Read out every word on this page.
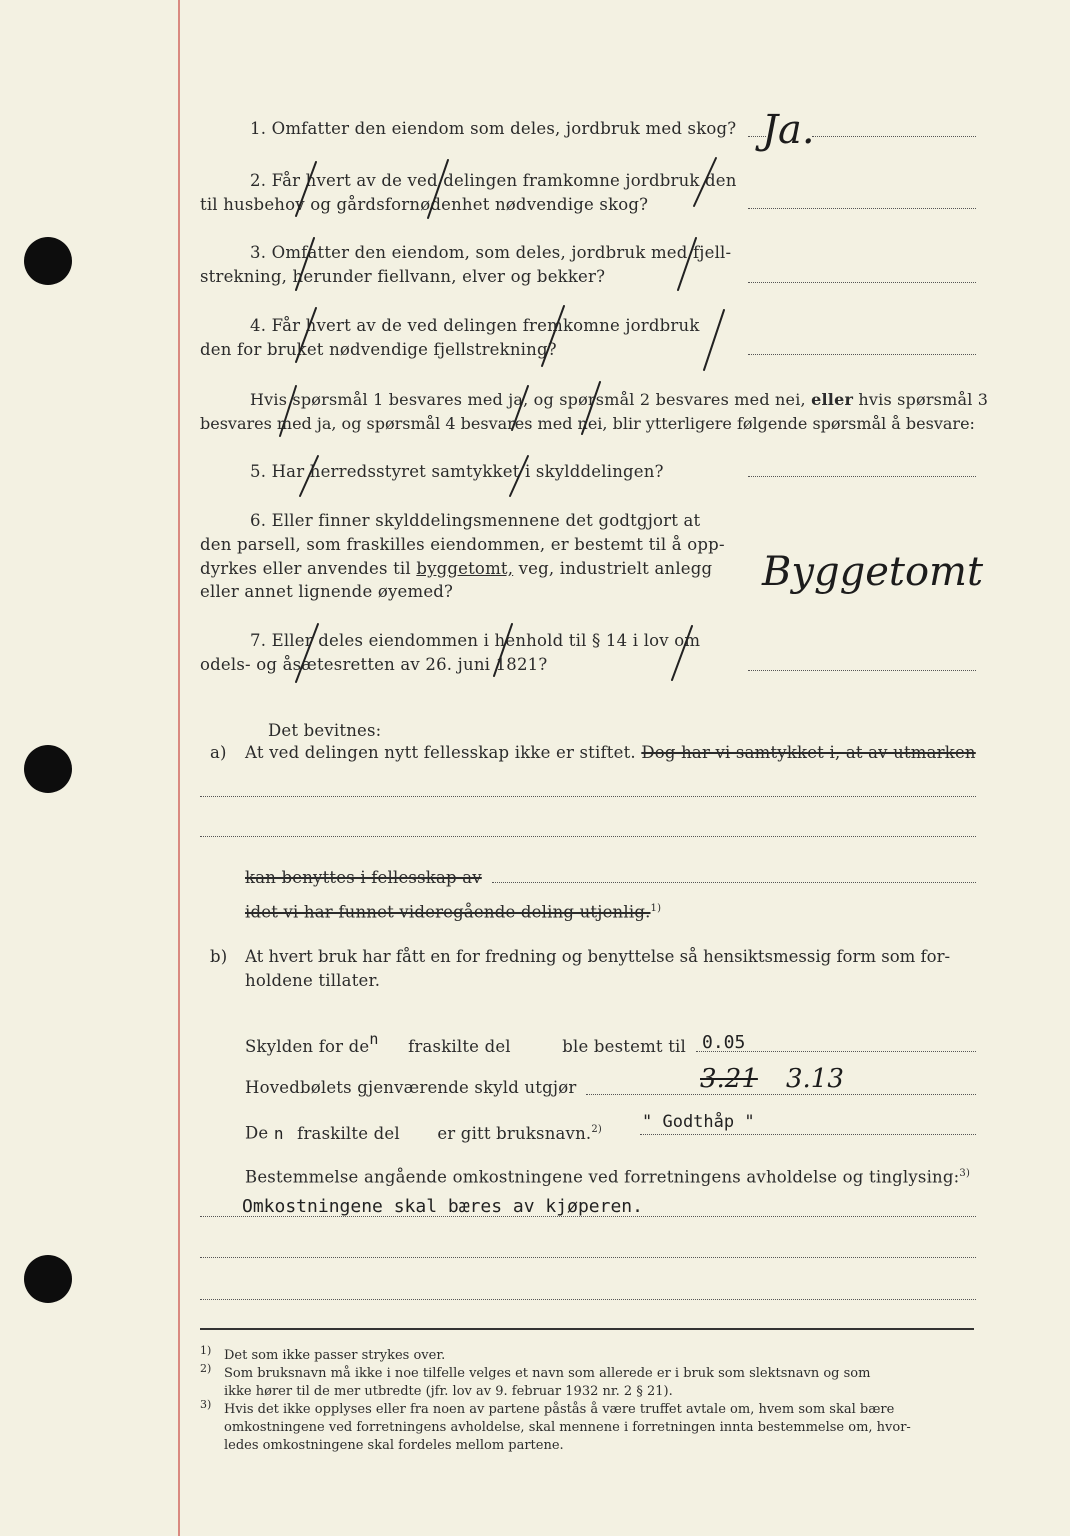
1. Omfatter den eiendom som deles, jordbruk med skog? Ja.
2. Får hvert av de ved delingen framkomne jordbruk den
til husbehov og gårdsfornødenhet nødvendige skog?
3. Omfatter den eiendom, som deles, jordbruk med fjell-
strekning, herunder fiellvann, elver og bekker?
4. Får hvert av de ved delingen fremkomne jordbruk
den for bruket nødvendige fjellstrekning?
Hvis spørsmål 1 besvares med ja, og spørsmål 2 besvares med nei, eller hvis spørsmål 3
besvares med ja, og spørsmål 4 besvares med nei, blir ytterligere følgende spørsmål å besvare:
5. Har herredsstyret samtykket i skylddelingen?
6. Eller finner skylddelingsmennene det godtgjort at
den parsell, som fraskilles eiendommen, er bestemt til å opp-
dyrkes eller anvendes til byggetomt, veg, industrielt anlegg
eller annet lignende øyemed?	Byggetomt
7. Eller deles eiendommen i henhold til § 14 i lov om
odels- og åsætesretten av 26. juni 1821?
Det bevitnes:
a) At ved delingen nytt fellesskap ikke er stiftet. Dog har vi samtykket i, at av utmarken
kan benyttes i fellesskap av
idet vi har funnet videregående deling utjenlig.$^{1)}$
b) At hvert bruk har fått en for fredning og benyttelse så hensiktsmessig form som for-
holdene tillater.
Skylden for den fraskilte del	ble bestemt til 0.05
Hovedbølets gjenværende skyld utgjør	3.21 3.13
De n fraskilte del er gitt bruksnavn.$^{2)}$ " Godthåp "
Bestemmelse angående omkostningene ved forretningens avholdelse og tinglysing:$^{3)}$
Omkostningene skal bæres av kjøperen.
1) Det som ikke passer strykes over.
2) Som bruksnavn må ikke i noe tilfelle velges et navn som allerede er i bruk som slektsnavn og som
ikke hører til de mer utbredte (jfr. lov av 9. februar 1932 nr. 2 § 21).
3) Hvis det ikke opplyses eller fra noen av partene påstås å være truffet avtale om, hvem som skal bære
omkostningene ved forretningens avholdelse, skal mennene i forretningen innta bestemmelse om, hvor-
ledes omkostningene skal fordeles mellom partene.
